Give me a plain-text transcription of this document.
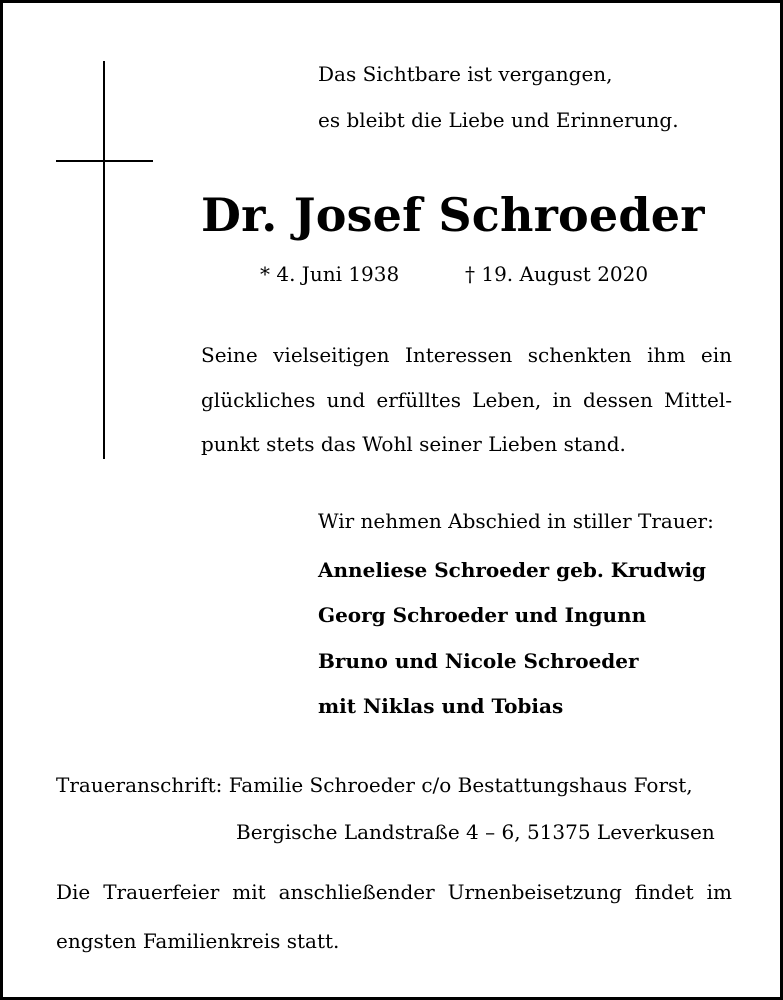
Das Sichtbare ist vergangen,
es bleibt die Liebe und Erinnerung.
Dr. Josef Schroeder
* 4. Juni 1938	† 19. August 2020
Seine vielseitigen Interessen schenkten ihm ein
glückliches und erfülltes Leben, in dessen Mittel-
punkt stets das Wohl seiner Lieben stand.
Wir nehmen Abschied in stiller Trauer:
Anneliese Schroeder geb. Krudwig
Georg Schroeder und Ingunn
Bruno und Nicole Schroeder
mit Niklas und Tobias
Traueranschrift: Familie Schroeder c/o Bestattungshaus Forst,
Bergische Landstraße 4 – 6, 51375 Leverkusen
Die Trauerfeier mit anschließender Urnenbeisetzung findet im
engsten Familienkreis statt.
